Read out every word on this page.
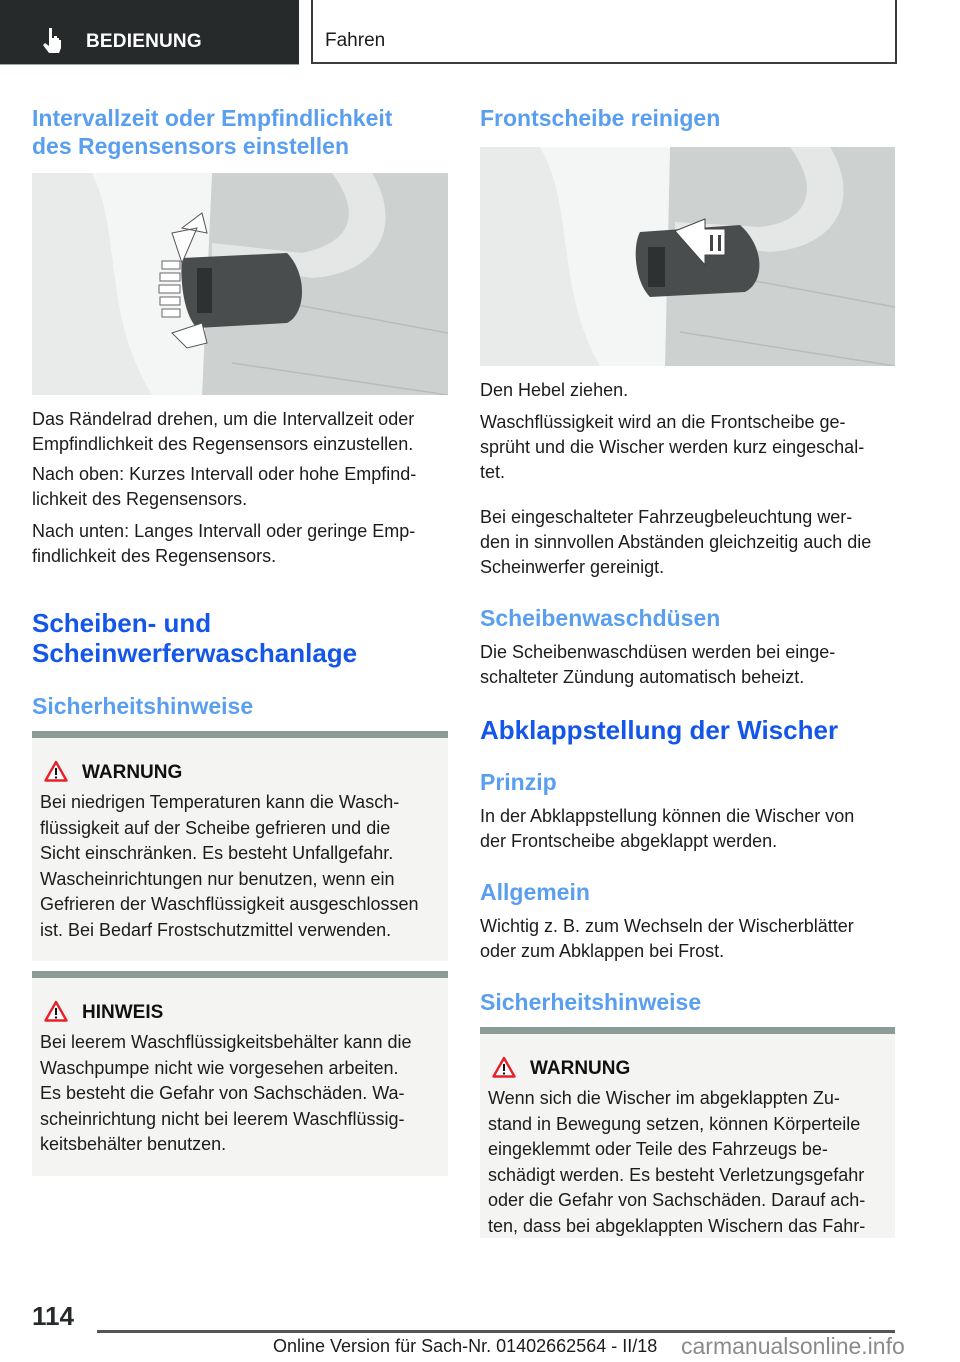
BEDIENUNG	Fahren
Intervallzeit oder Empfindlichkeit
des Regensensors einstellen

Das Rändelrad drehen, um die Intervallzeit oder
Empfindlichkeit des Regensensors einzustellen.

Nach oben: Kurzes Intervall oder hohe Empfind-
lichkeit des Regensensors.

Nach unten: Langes Intervall oder geringe Emp-
findlichkeit des Regensensors.

Scheiben- und
Scheinwerferwaschanlage
Sicherheitshinweise
WARNUNG
Bei niedrigen Temperaturen kann die Wasch-
flüssigkeit auf der Scheibe gefrieren und die
Sicht einschränken. Es besteht Unfallgefahr.
Wascheinrichtungen nur benutzen, wenn ein
Gefrieren der Waschflüssigkeit ausgeschlossen
ist. Bei Bedarf Frostschutzmittel verwenden.
HINWEIS
Bei leerem Waschflüssigkeitsbehälter kann die
Waschpumpe nicht wie vorgesehen arbeiten.
Es besteht die Gefahr von Sachschäden. Wa-
scheinrichtung nicht bei leerem Waschflüssig-
keitsbehälter benutzen.
Frontscheibe reinigen

Den Hebel ziehen.

Waschflüssigkeit wird an die Frontscheibe ge-
sprüht und die Wischer werden kurz eingeschal-
tet.

Bei eingeschalteter Fahrzeugbeleuchtung wer-
den in sinnvollen Abständen gleichzeitig auch die
Scheinwerfer gereinigt.

Scheibenwaschdüsen

Die Scheibenwaschdüsen werden bei einge-
schalteter Zündung automatisch beheizt.

Abklappstellung der Wischer
Prinzip

In der Abklappstellung können die Wischer von
der Frontscheibe abgeklappt werden.

Allgemein

Wichtig z. B. zum Wechseln der Wischerblätter
oder zum Abklappen bei Frost.

Sicherheitshinweise
WARNUNG
Wenn sich die Wischer im abgeklappten Zu-
stand in Bewegung setzen, können Körperteile
eingeklemmt oder Teile des Fahrzeugs be-
schädigt werden. Es besteht Verletzungsgefahr
oder die Gefahr von Sachschäden. Darauf ach-
ten, dass bei abgeklappten Wischern das Fahr-
114
Online Version für Sach-Nr. 01402662564 - II/18 carmanualsonline.info
